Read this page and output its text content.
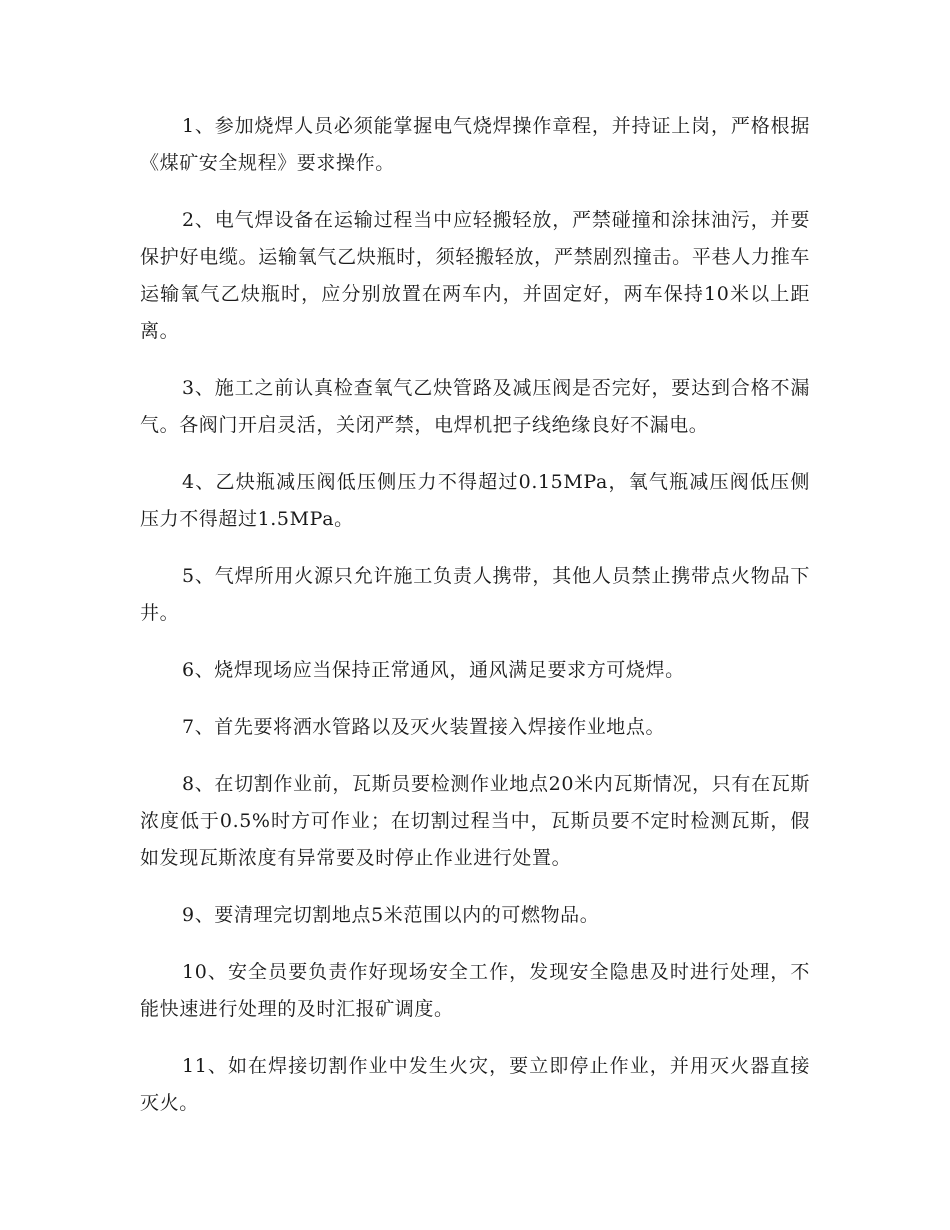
1、参加烧焊人员必须能掌握电气烧焊操作章程，并持证上岗，严格根据《煤矿安全规程》要求操作。

2、电气焊设备在运输过程当中应轻搬轻放，严禁碰撞和涂抹油污，并要保护好电缆。运输氧气乙炔瓶时，须轻搬轻放，严禁剧烈撞击。平巷人力推车运输氧气乙炔瓶时，应分别放置在两车内，并固定好，两车保持10米以上距离。

3、施工之前认真检查氧气乙炔管路及减压阀是否完好，要达到合格不漏气。各阀门开启灵活，关闭严禁，电焊机把子线绝缘良好不漏电。

4、乙炔瓶减压阀低压侧压力不得超过0.15MPa，氧气瓶减压阀低压侧压力不得超过1.5MPa。

5、气焊所用火源只允许施工负责人携带，其他人员禁止携带点火物品下井。

6、烧焊现场应当保持正常通风，通风满足要求方可烧焊。

7、首先要将洒水管路以及灭火装置接入焊接作业地点。

8、在切割作业前，瓦斯员要检测作业地点20米内瓦斯情况，只有在瓦斯浓度低于0.5%时方可作业；在切割过程当中，瓦斯员要不定时检测瓦斯，假如发现瓦斯浓度有异常要及时停止作业进行处置。

9、要清理完切割地点5米范围以内的可燃物品。

10、安全员要负责作好现场安全工作，发现安全隐患及时进行处理，不能快速进行处理的及时汇报矿调度。

11、如在焊接切割作业中发生火灾，要立即停止作业，并用灭火器直接灭火。
